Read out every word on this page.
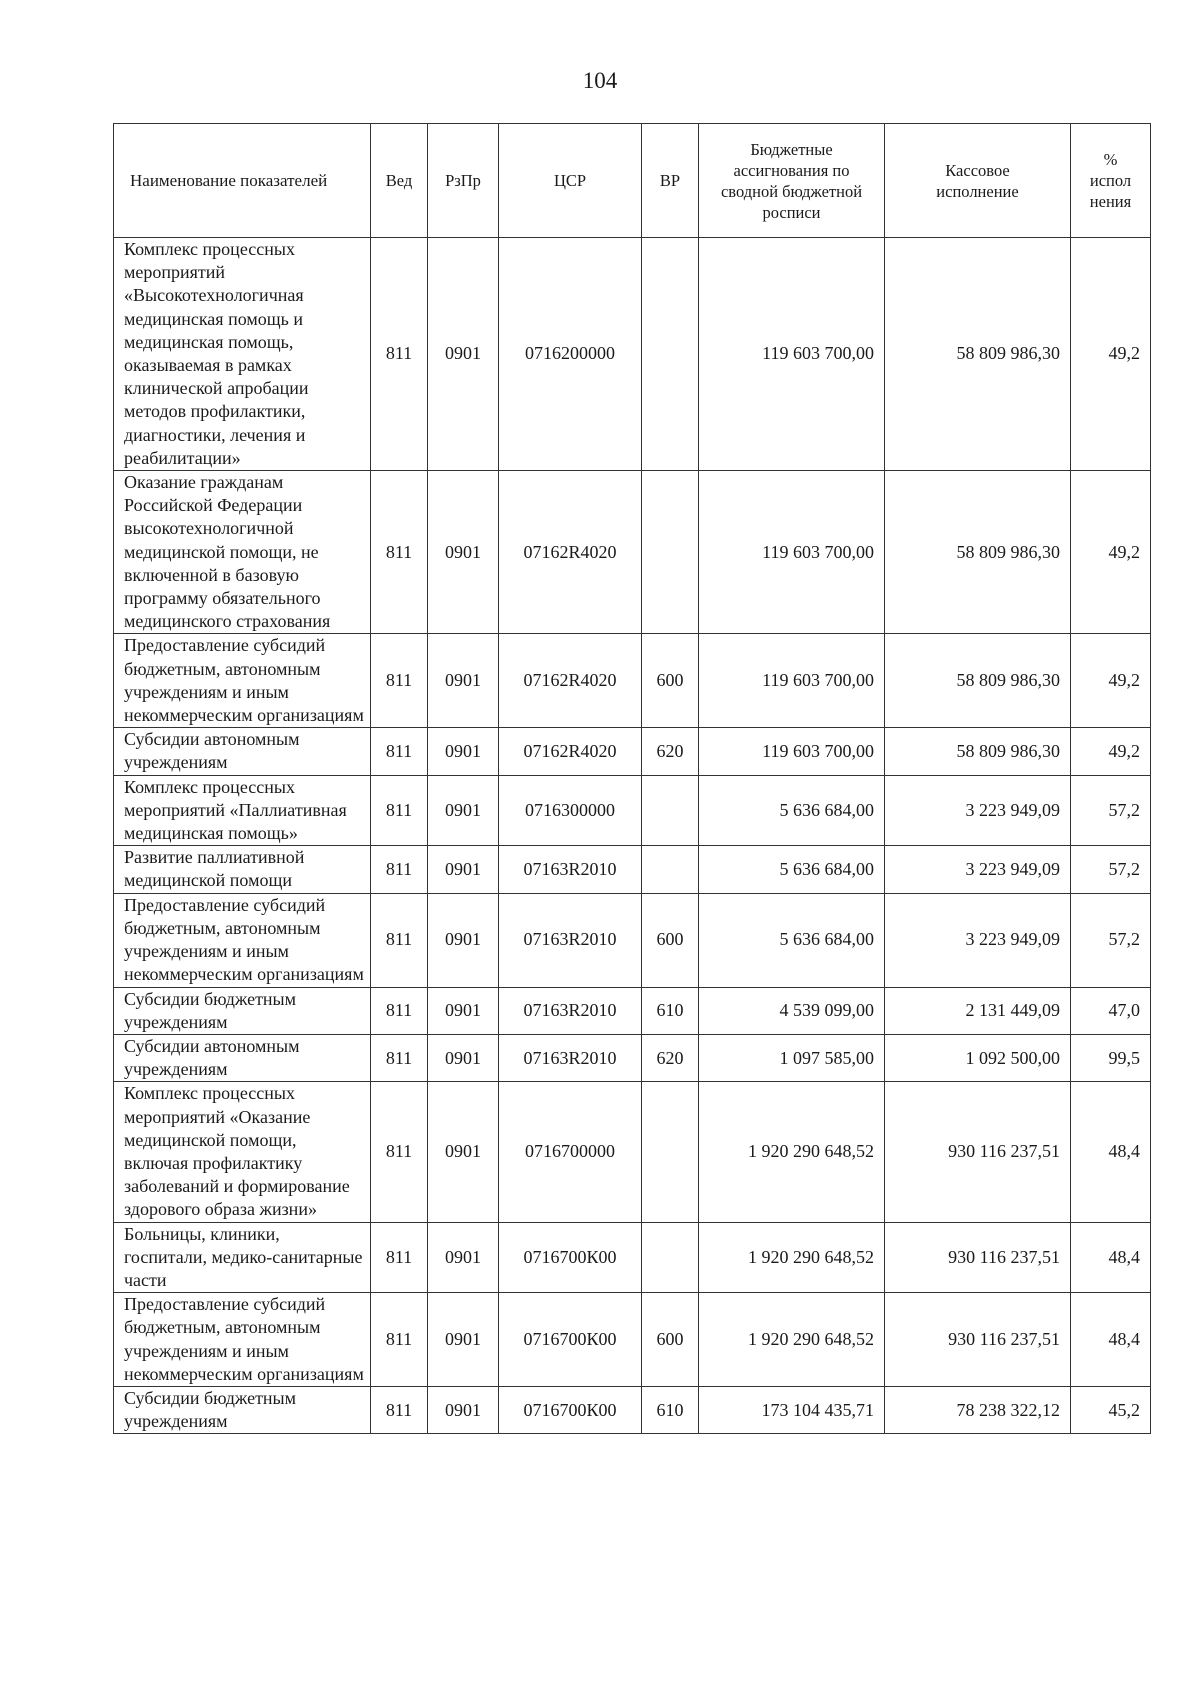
104
Наименование показателей	Вед	РзПр	ЦСР	ВР	Бюджетные ассигнования по сводной бюджетной росписи	Кассовое исполнение	% испол нения

Комплекс процессных мероприятий «Высокотехнологичная медицинская помощь и медицинская помощь, оказываемая в рамках клинической апробации методов профилактики, диагностики, лечения и реабилитации»	811	0901	0716200000		119 603 700,00	58 809 986,30	49,2
Оказание гражданам Российской Федерации высокотехнологичной медицинской помощи, не включенной в базовую программу обязательного медицинского страхования	811	0901	07162R4020		119 603 700,00	58 809 986,30	49,2
Предоставление субсидий бюджетным, автономным учреждениям и иным некоммерческим организациям	811	0901	07162R4020	600	119 603 700,00	58 809 986,30	49,2
Субсидии автономным учреждениям	811	0901	07162R4020	620	119 603 700,00	58 809 986,30	49,2
Комплекс процессных мероприятий «Паллиативная медицинская помощь»	811	0901	0716300000		5 636 684,00	3 223 949,09	57,2
Развитие паллиативной медицинской помощи	811	0901	07163R2010		5 636 684,00	3 223 949,09	57,2
Предоставление субсидий бюджетным, автономным учреждениям и иным некоммерческим организациям	811	0901	07163R2010	600	5 636 684,00	3 223 949,09	57,2
Субсидии бюджетным учреждениям	811	0901	07163R2010	610	4 539 099,00	2 131 449,09	47,0
Субсидии автономным учреждениям	811	0901	07163R2010	620	1 097 585,00	1 092 500,00	99,5
Комплекс процессных мероприятий «Оказание медицинской помощи, включая профилактику заболеваний и формирование здорового образа жизни»	811	0901	0716700000		1 920 290 648,52	930 116 237,51	48,4
Больницы, клиники, госпитали, медико-санитарные части	811	0901	0716700К00		1 920 290 648,52	930 116 237,51	48,4
Предоставление субсидий бюджетным, автономным учреждениям и иным некоммерческим организациям	811	0901	0716700К00	600	1 920 290 648,52	930 116 237,51	48,4
Субсидии бюджетным учреждениям	811	0901	0716700К00	610	173 104 435,71	78 238 322,12	45,2
